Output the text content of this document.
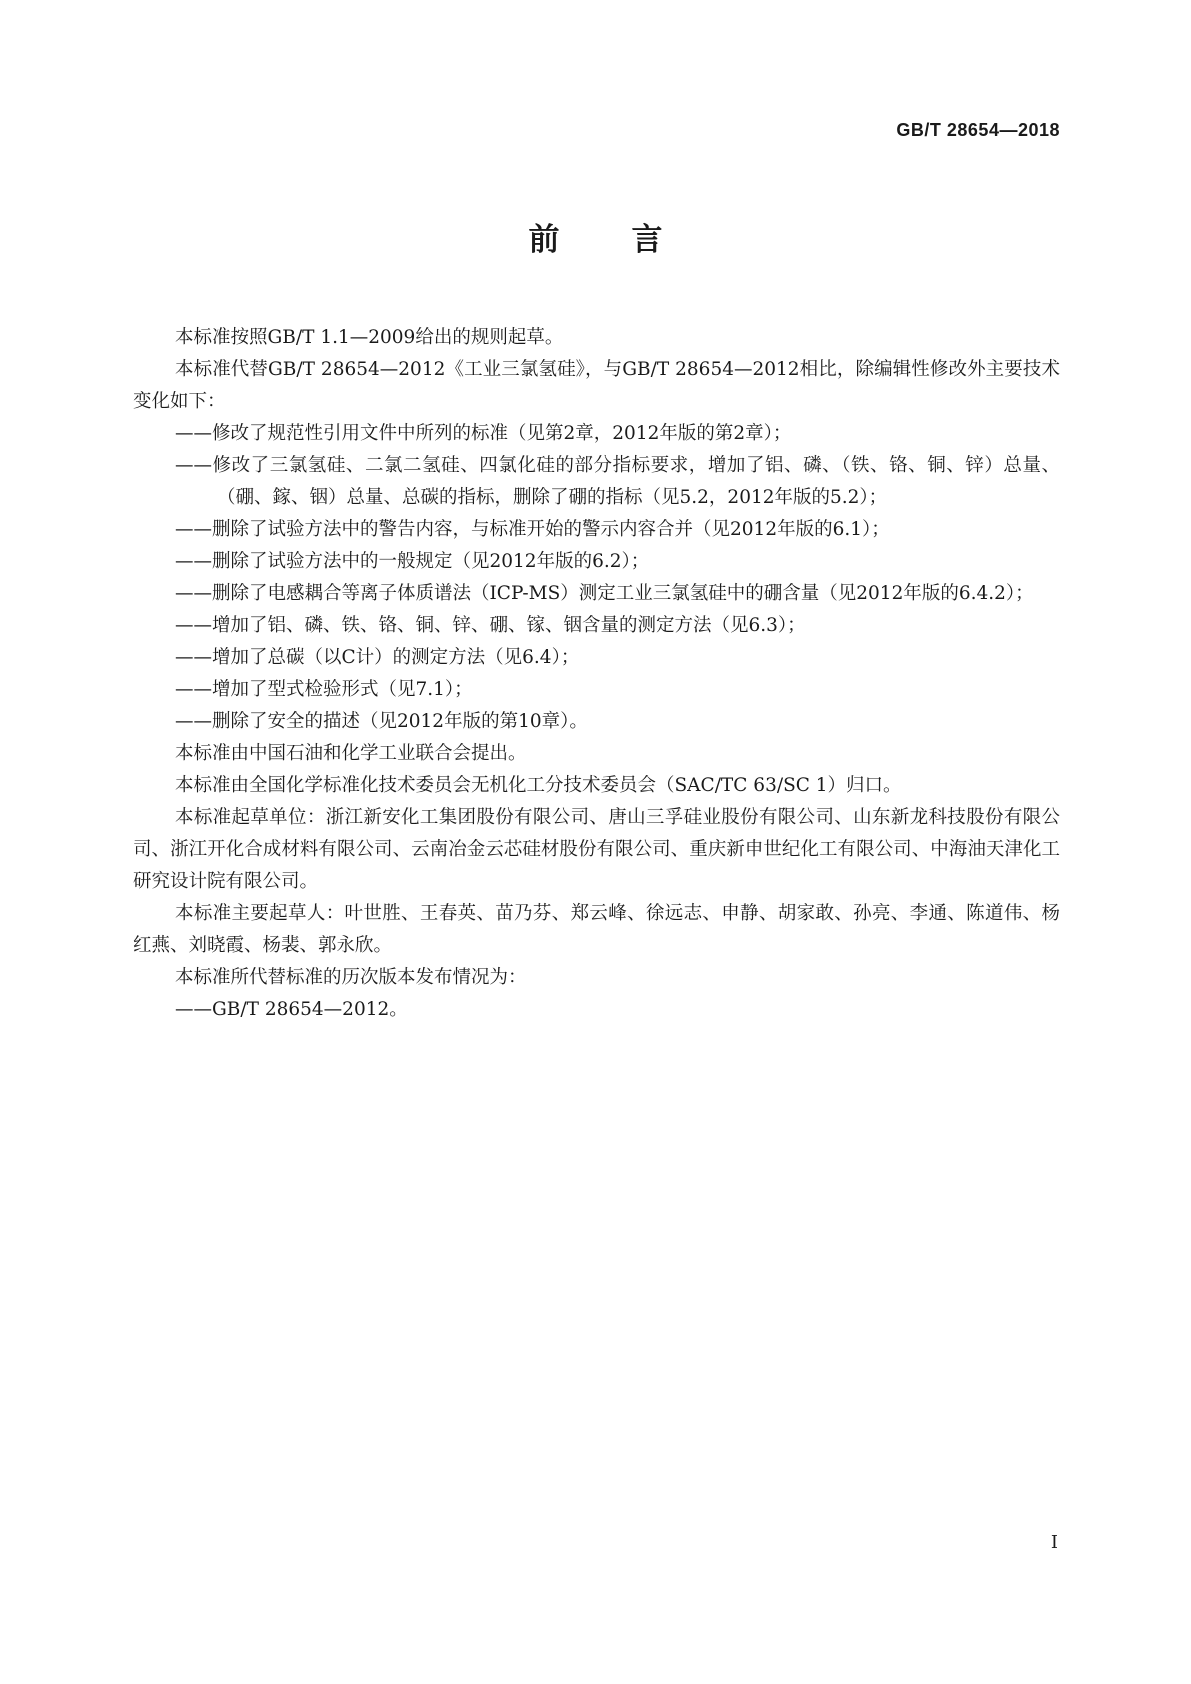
GB/T 28654—2018
前 言

本标准按照GB/T 1.1—2009给出的规则起草。

本标准代替GB/T 28654—2012《工业三氯氢硅》，与GB/T 28654—2012相比，除编辑性修改外主要技术变化如下：

——修改了规范性引用文件中所列的标准（见第2章，2012年版的第2章）；

——修改了三氯氢硅、二氯二氢硅、四氯化硅的部分指标要求，增加了铝、磷、（铁、铬、铜、锌）总量、（硼、鎵、铟）总量、总碳的指标，删除了硼的指标（见5.2，2012年版的5.2）；

——删除了试验方法中的警告内容，与标准开始的警示内容合并（见2012年版的6.1）；

——删除了试验方法中的一般规定（见2012年版的6.2）；

——删除了电感耦合等离子体质谱法（ICP-MS）测定工业三氯氢硅中的硼含量（见2012年版的6.4.2）；

——增加了铝、磷、铁、铬、铜、锌、硼、镓、铟含量的测定方法（见6.3）；

——增加了总碳（以C计）的测定方法（见6.4）；

——增加了型式检验形式（见7.1）；

——删除了安全的描述（见2012年版的第10章）。

本标准由中国石油和化学工业联合会提出。

本标准由全国化学标准化技术委员会无机化工分技术委员会（SAC/TC 63/SC 1）归口。

本标准起草单位：浙江新安化工集团股份有限公司、唐山三孚硅业股份有限公司、山东新龙科技股份有限公司、浙江开化合成材料有限公司、云南冶金云芯硅材股份有限公司、重庆新申世纪化工有限公司、中海油天津化工研究设计院有限公司。

本标准主要起草人：叶世胜、王春英、苗乃芬、郑云峰、徐远志、申静、胡家敢、孙亮、李通、陈道伟、杨红燕、刘晓霞、杨裴、郭永欣。

本标准所代替标准的历次版本发布情况为：

——GB/T 28654—2012。

I
